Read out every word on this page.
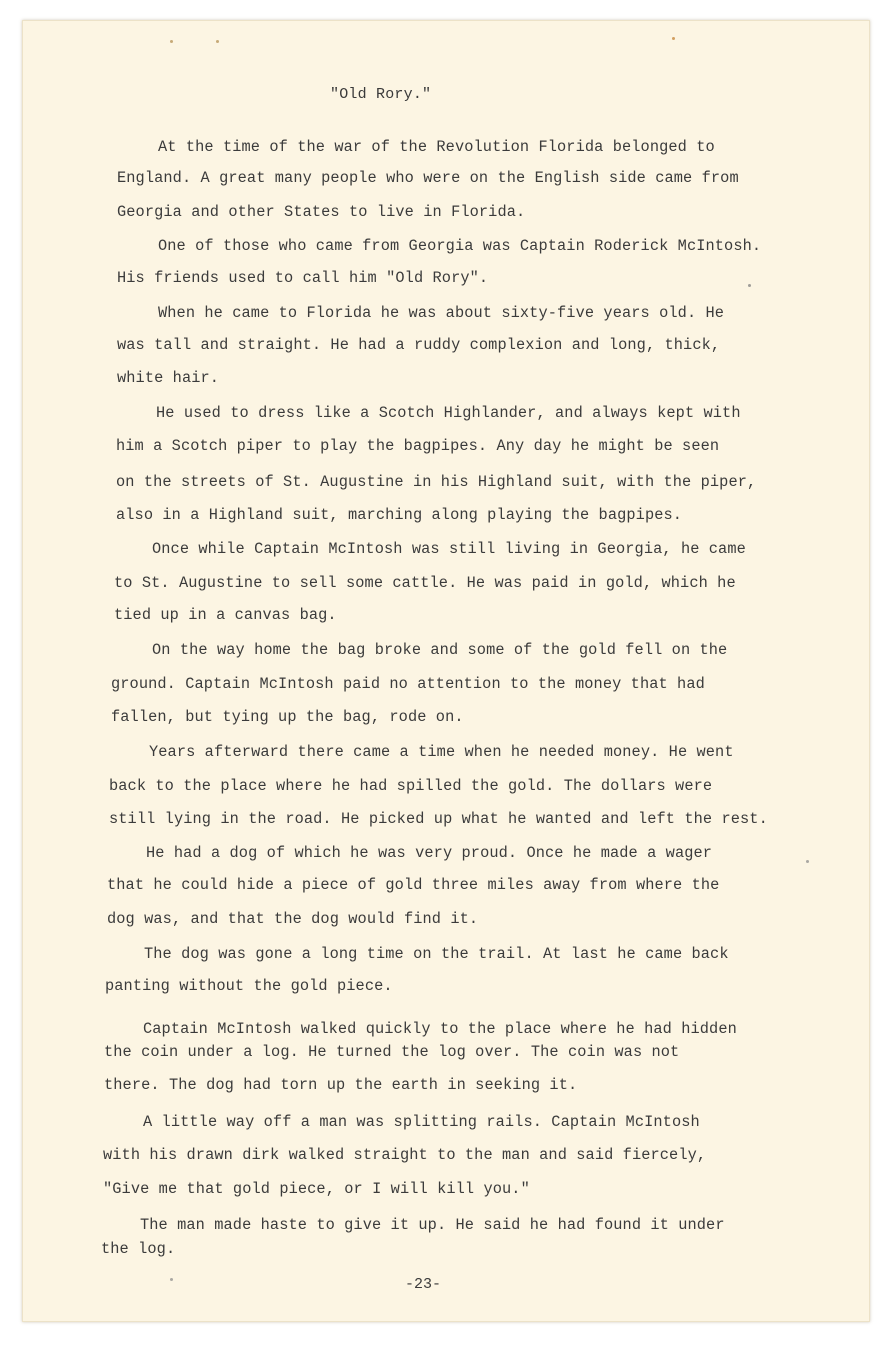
"Old Rory."
At the time of the war of the Revolution Florida belonged to
England. A great many people who were on the English side came from
Georgia and other States to live in Florida.
One of those who came from Georgia was Captain Roderick McIntosh.
His friends used to call him "Old Rory".
When he came to Florida he was about sixty-five years old. He
was tall and straight. He had a ruddy complexion and long, thick,
white hair.
He used to dress like a Scotch Highlander, and always kept with
him a Scotch piper to play the bagpipes. Any day he might be seen
on the streets of St. Augustine in his Highland suit, with the piper,
also in a Highland suit, marching along playing the bagpipes.
Once while Captain McIntosh was still living in Georgia, he came
to St. Augustine to sell some cattle. He was paid in gold, which he
tied up in a canvas bag.
On the way home the bag broke and some of the gold fell on the
ground. Captain McIntosh paid no attention to the money that had
fallen, but tying up the bag, rode on.
Years afterward there came a time when he needed money. He went
back to the place where he had spilled the gold. The dollars were
still lying in the road. He picked up what he wanted and left the rest.
He had a dog of which he was very proud. Once he made a wager
that he could hide a piece of gold three miles away from where the
dog was, and that the dog would find it.
The dog was gone a long time on the trail. At last he came back
panting without the gold piece.
Captain McIntosh walked quickly to the place where he had hidden
the coin under a log. He turned the log over. The coin was not
there. The dog had torn up the earth in seeking it.
A little way off a man was splitting rails. Captain McIntosh
with his drawn dirk walked straight to the man and said fiercely,
"Give me that gold piece, or I will kill you."
The man made haste to give it up. He said he had found it under
the log.
-23-
